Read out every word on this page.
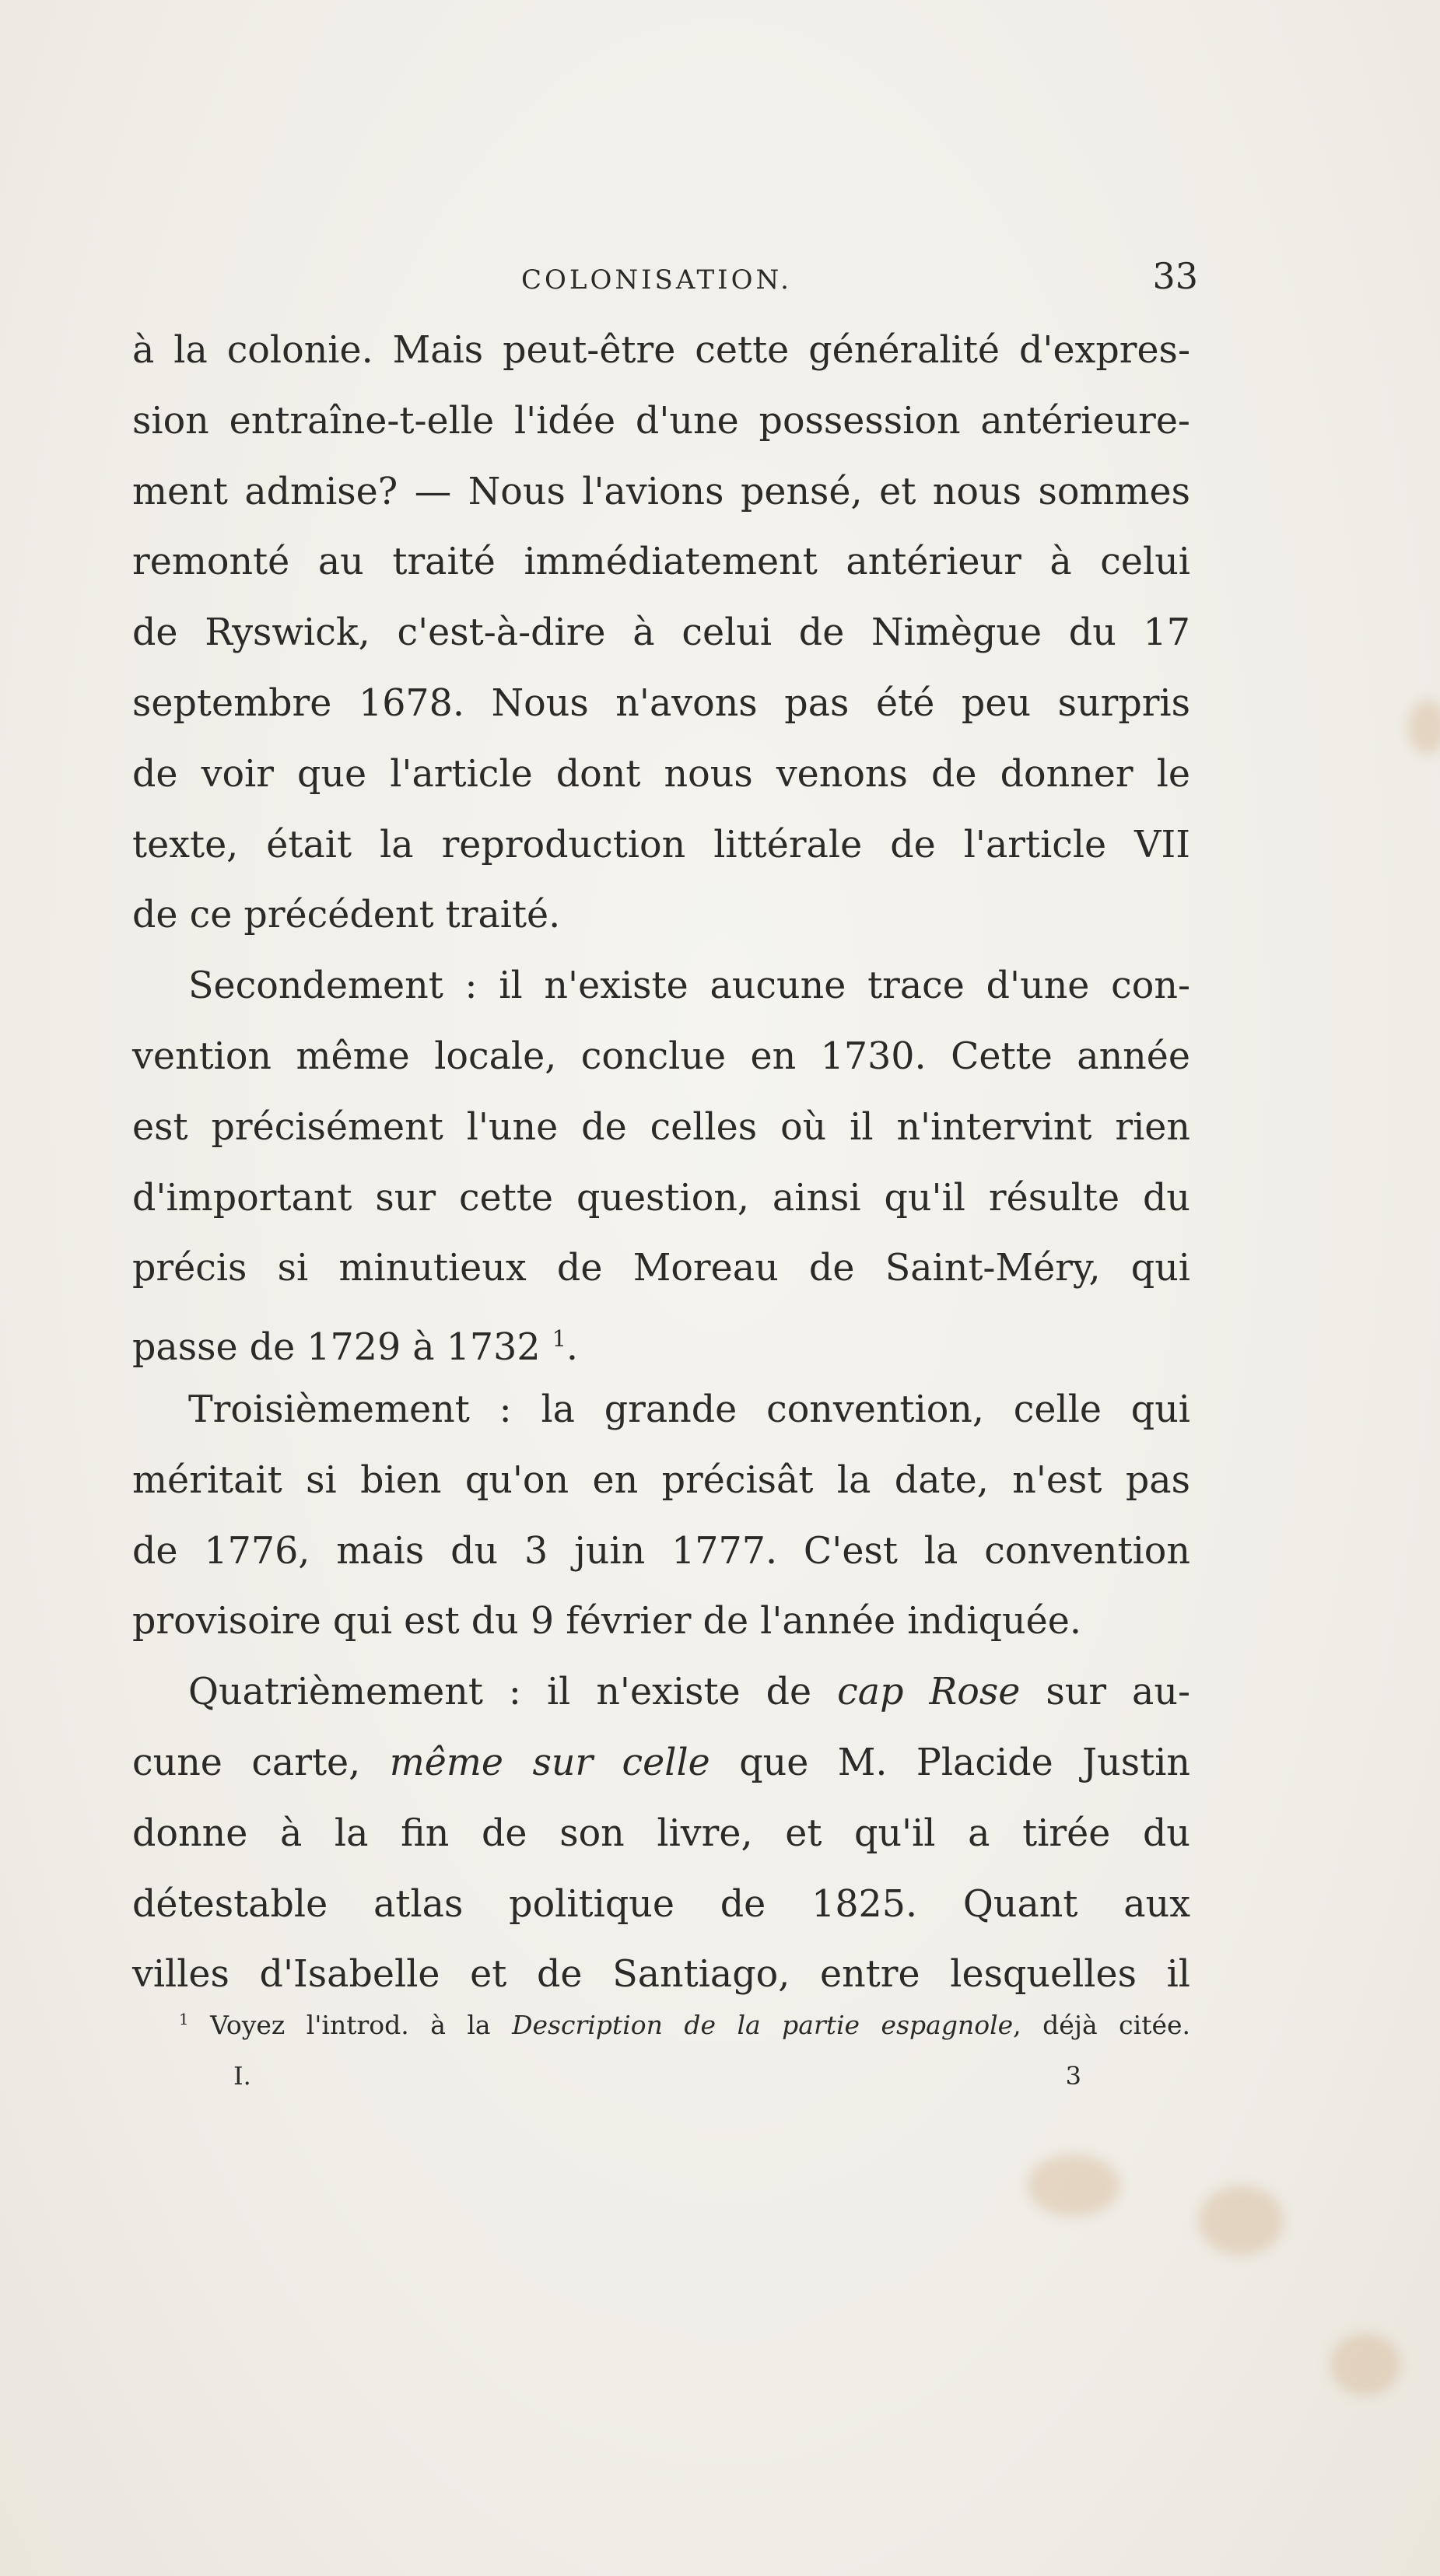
COLONISATION.	33
à la colonie. Mais peut-être cette généralité d'expres-
sion entraîne-t-elle l'idée d'une possession antérieure-
ment admise? — Nous l'avions pensé, et nous sommes
remonté au traité immédiatement antérieur à celui
de Ryswick, c'est-à-dire à celui de Nimègue du 17
septembre 1678. Nous n'avons pas été peu surpris
de voir que l'article dont nous venons de donner le
texte, était la reproduction littérale de l'article VII
de ce précédent traité.
Secondement : il n'existe aucune trace d'une con-
vention même locale, conclue en 1730. Cette année
est précisément l'une de celles où il n'intervint rien
d'important sur cette question, ainsi qu'il résulte du
précis si minutieux de Moreau de Saint-Méry, qui
passe de 1729 à 1732 $^1$.
Troisièmement : la grande convention, celle qui
méritait si bien qu'on en précisât la date, n'est pas
de 1776, mais du 3 juin 1777. C'est la convention
provisoire qui est du 9 février de l'année indiquée.
Quatrièmement : il n'existe de cap Rose sur au-
cune carte, même sur celle que M. Placide Justin
donne à la fin de son livre, et qu'il a tirée du
détestable atlas politique de 1825. Quant aux
villes d'Isabelle et de Santiago, entre lesquelles il
$^1$ Voyez l'introd. à la Description de la partie espagnole, déjà citée.
I.	3
